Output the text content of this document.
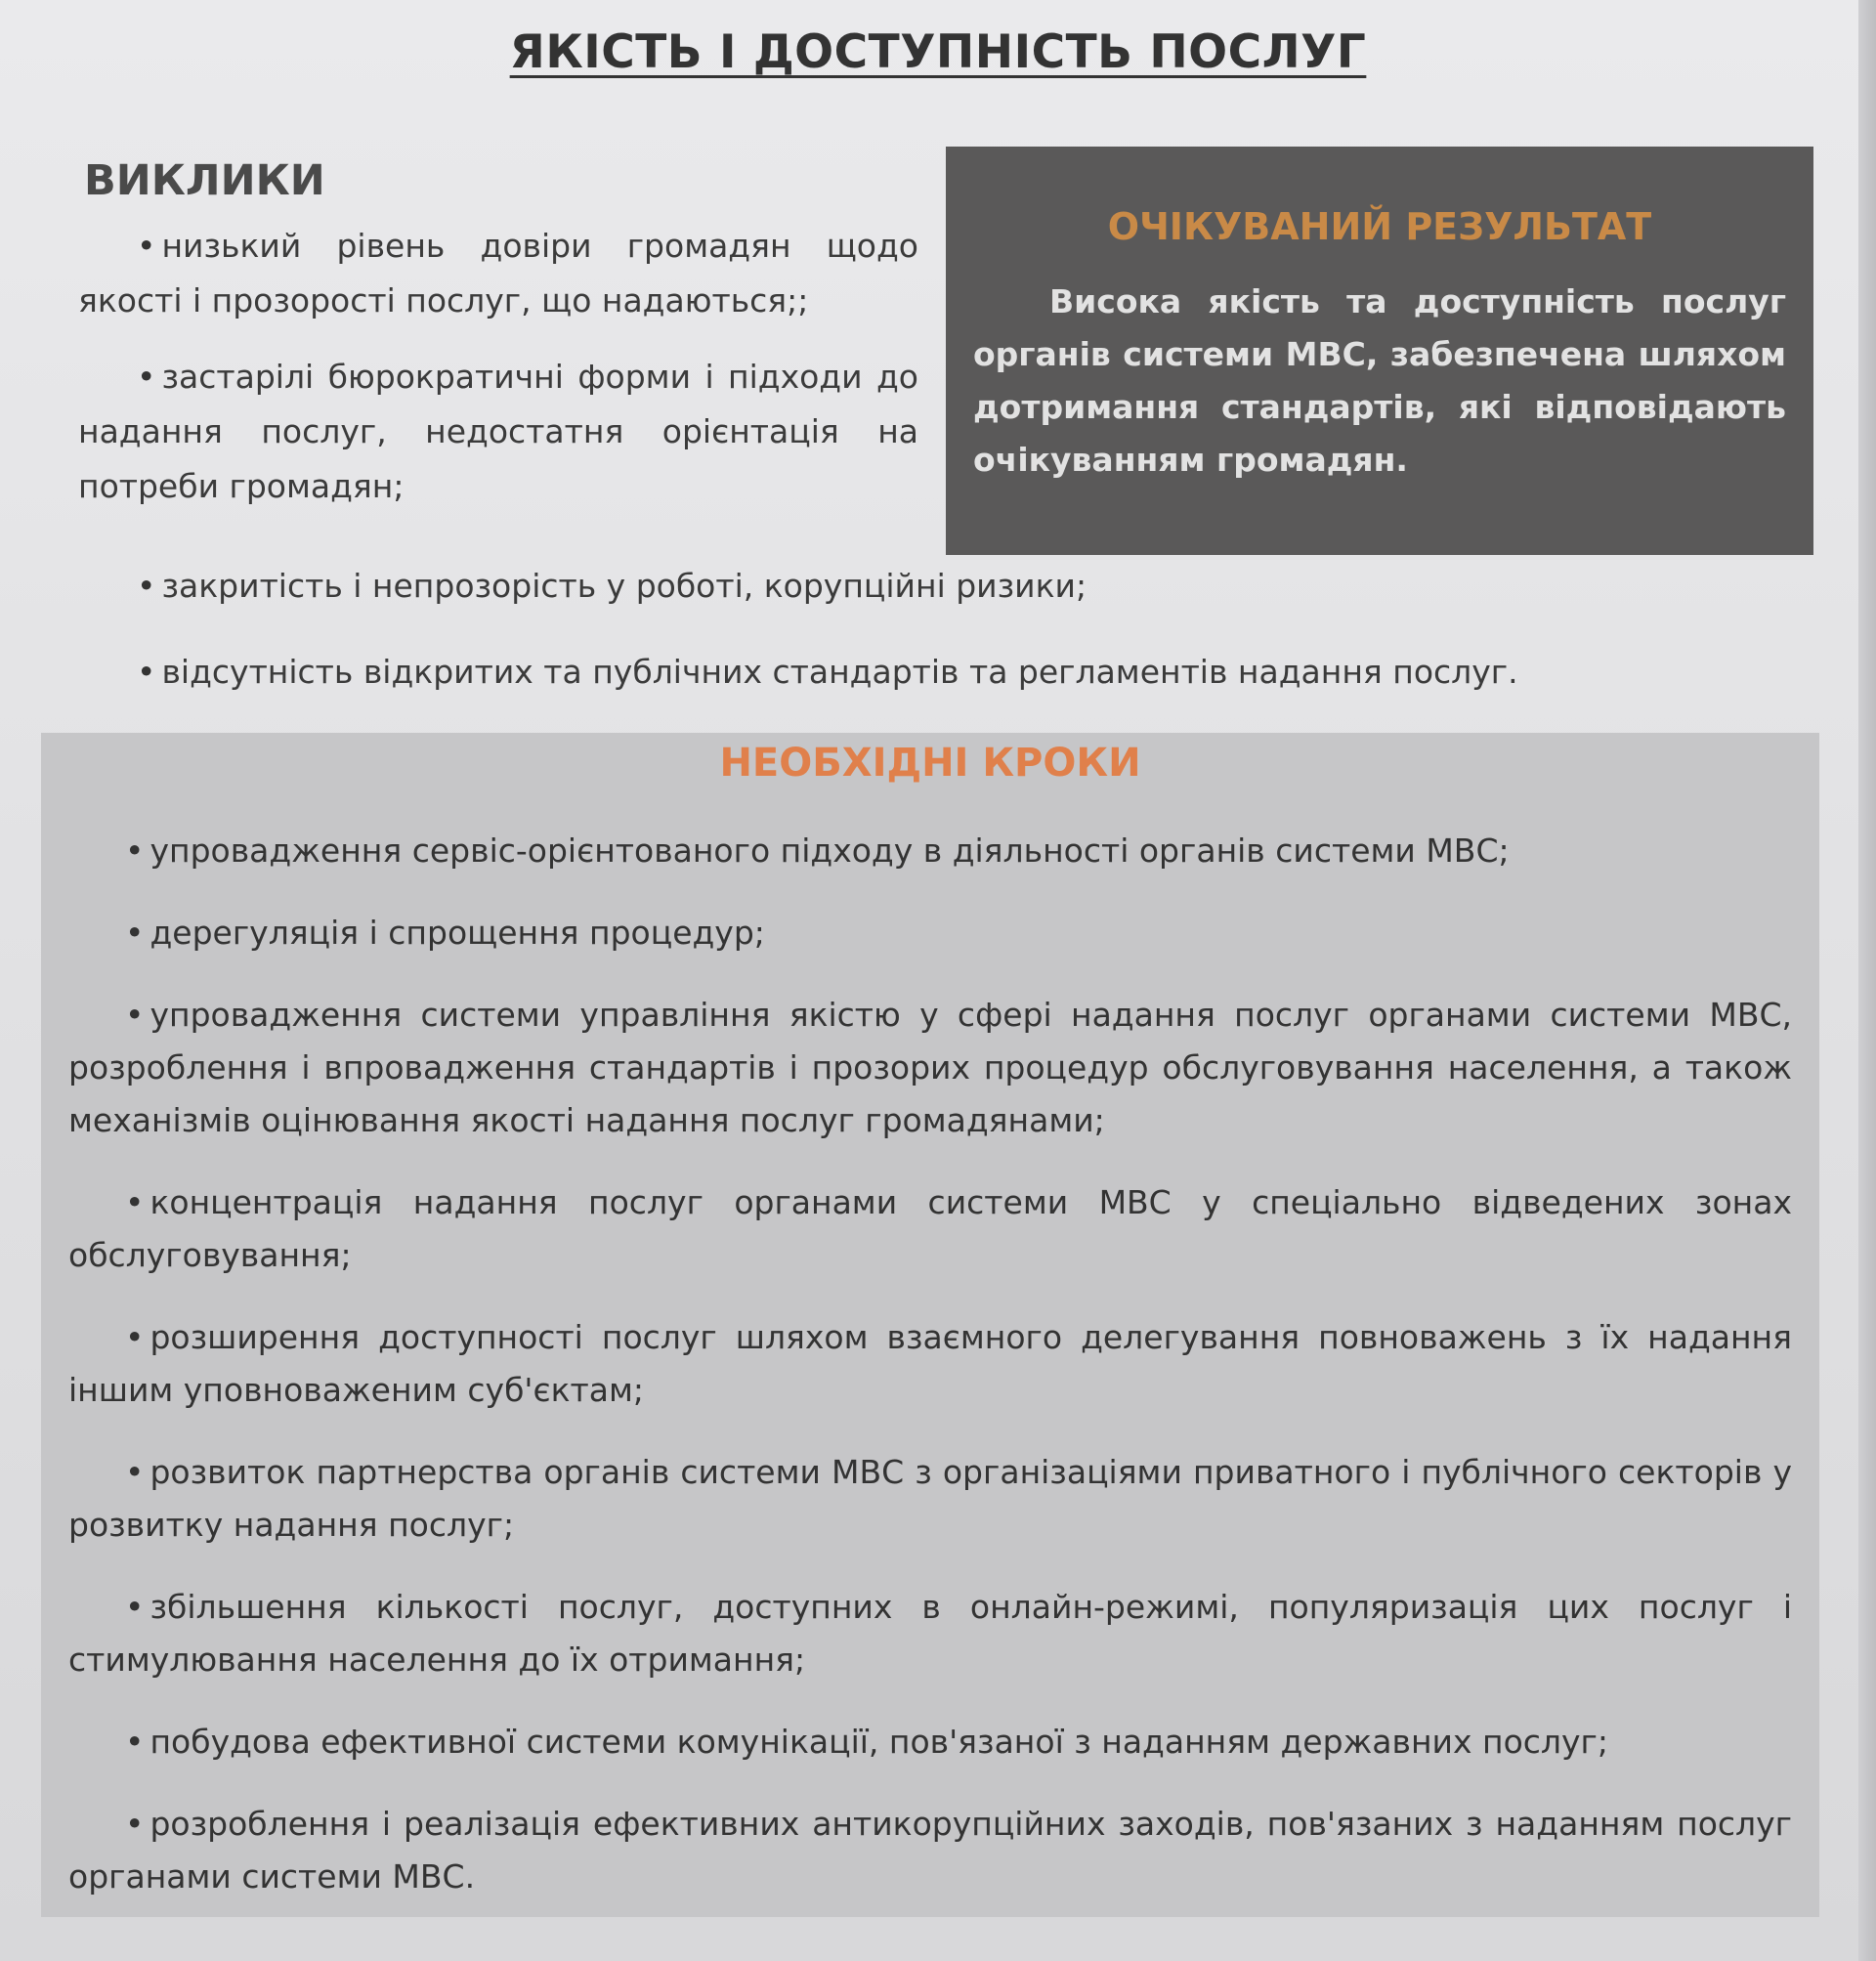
ЯКІСТЬ І ДОСТУПНІСТЬ ПОСЛУГ
ВИКЛИКИ

• низький рівень довіри громадян щодо якості і прозорості послуг, що надаються;;

• застарілі бюрократичні форми і підходи до надання послуг, недостатня орієнтація на потреби громадян;

• закритість і непрозорість у роботі, корупційні ризики;
• відсутність відкритих та публічних стандартів та регламентів надання послуг.
ОЧІКУВАНИЙ РЕЗУЛЬТАТ
Висока якість та доступність послуг органів системи МВС, забезпечена шляхом дотримання стандартів, які відповідають очікуванням громадян.
НЕОБХІДНІ КРОКИ

• упровадження сервіс-орієнтованого підходу в діяльності органів системи МВС;

• дерегуляція і спрощення процедур;

• упровадження системи управління якістю у сфері надання послуг органами системи МВС, розроблення і впровадження стандартів і прозорих процедур обслуговування населення, а також механізмів оцінювання якості надання послуг громадянами;

• концентрація надання послуг органами системи МВС у спеціально відведених зонах обслуговування;

• розширення доступності послуг шляхом взаємного делегування повноважень з їх надання іншим уповноваженим суб'єктам;

• розвиток партнерства органів системи МВС з організаціями приватного і публічного секторів у розвитку надання послуг;

• збільшення кількості послуг, доступних в онлайн-режимі, популяризація цих послуг і стимулювання населення до їх отримання;

• побудова ефективної системи комунікації, пов'язаної з наданням державних послуг;

• розроблення і реалізація ефективних антикорупційних заходів, пов'язаних з наданням послуг органами системи МВС.
